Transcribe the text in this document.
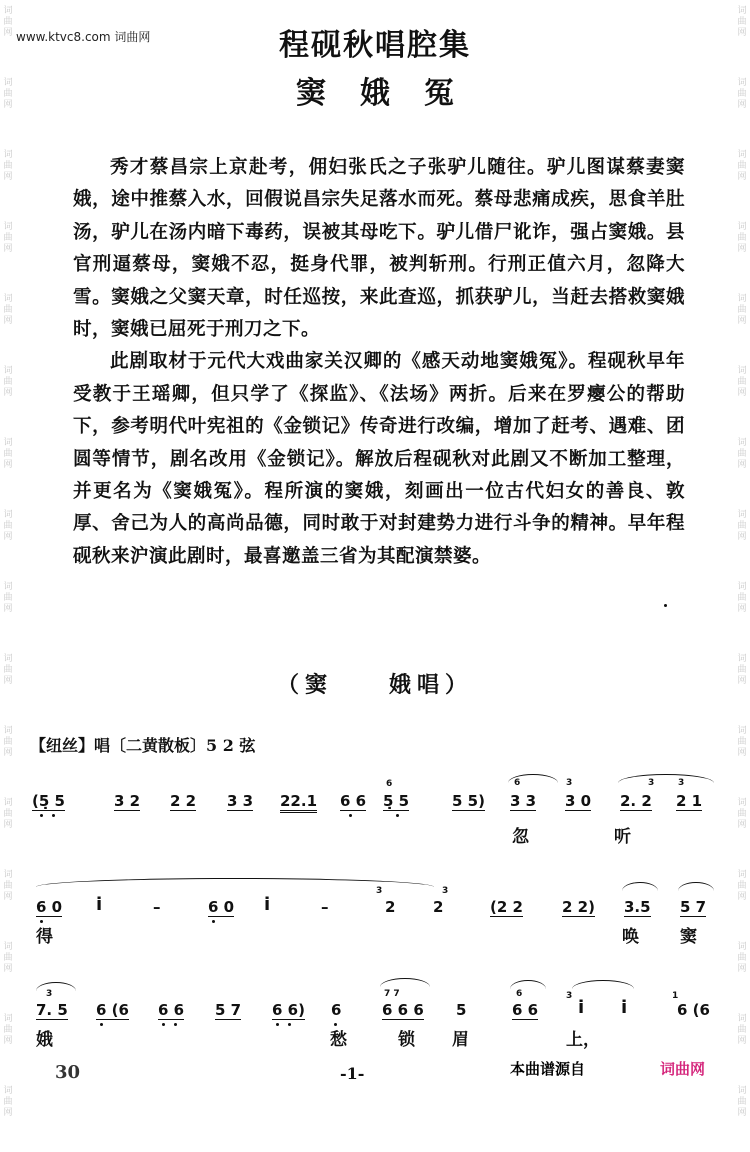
词
曲
网
词
曲
网
词
曲
网
词
曲
网
词
曲
网
词
曲
网
词
曲
网
词
曲
网
词
曲
网
词
曲
网
词
曲
网
词
曲
网
词
曲
网
词
曲
网
词
曲
网
词
曲
网
词
曲
网
词
曲
网
词
曲
网
词
曲
网
词
曲
网
词
曲
网
词
曲
网
词
曲
网
词
曲
网
词
曲
网
词
曲
网
词
曲
网
词
曲
网
词
曲
网
词
曲
网
词
曲
网
www.ktvc8.com 词曲网	程砚秋唱腔集
窦娥冤

秀才蔡昌宗上京赴考，佣妇张氏之子张驴儿随往。驴儿图谋蔡妻窦娥，途中推蔡入水，回假说昌宗失足落水而死。蔡母悲痛成疾，思食羊肚汤，驴儿在汤内暗下毒药，误被其母吃下。驴儿借尸讹诈，强占窦娥。县官刑逼蔡母，窦娥不忍，挺身代罪，被判斩刑。行刑正值六月，忽降大雪。窦娥之父窦天章，时任巡按，来此查巡，抓获驴儿，当赶去搭救窦娥时，窦娥已屈死于刑刀之下。

此剧取材于元代大戏曲家关汉卿的《感天动地窦娥冤》。程砚秋早年受教于王瑶卿，但只学了《探监》、《法场》两折。后来在罗瘿公的帮助下，参考明代叶宪祖的《金锁记》传奇进行改编，增加了赶考、遇难、团圆等情节，剧名改用《金锁记》。解放后程砚秋对此剧又不断加工整理，并更名为《窦娥冤》。程所演的窦娥，刻画出一位古代妇女的善良、敦厚、舍己为人的高尚品德，同时敢于对封建势力进行斗争的精神。早年程砚秋来沪演此剧时，最喜邀盖三省为其配演禁婆。

（窦　　娥唱）
【纽丝】唱〔二黄散板〕5 2 弦
(5̣ 5	3 2 2 2 3 3 22.1 6 6 5̣ 5	5 5) 3 3 3 0 2. 2 2 1
6	6	3	3	3
忽	听
6 0 i	–	6 0 i	–	2	2	(2 2	2 2) 3.5 5 7
3	3
得	唤 窦
7. 5 6 (6 6 6 5 7 6 6) 6	6 6 6 5	6 6 i i	6 (6
3	7 7	6	3	1
娥	愁	锁 眉	上，
30	-1-	本曲谱源自	词曲网
